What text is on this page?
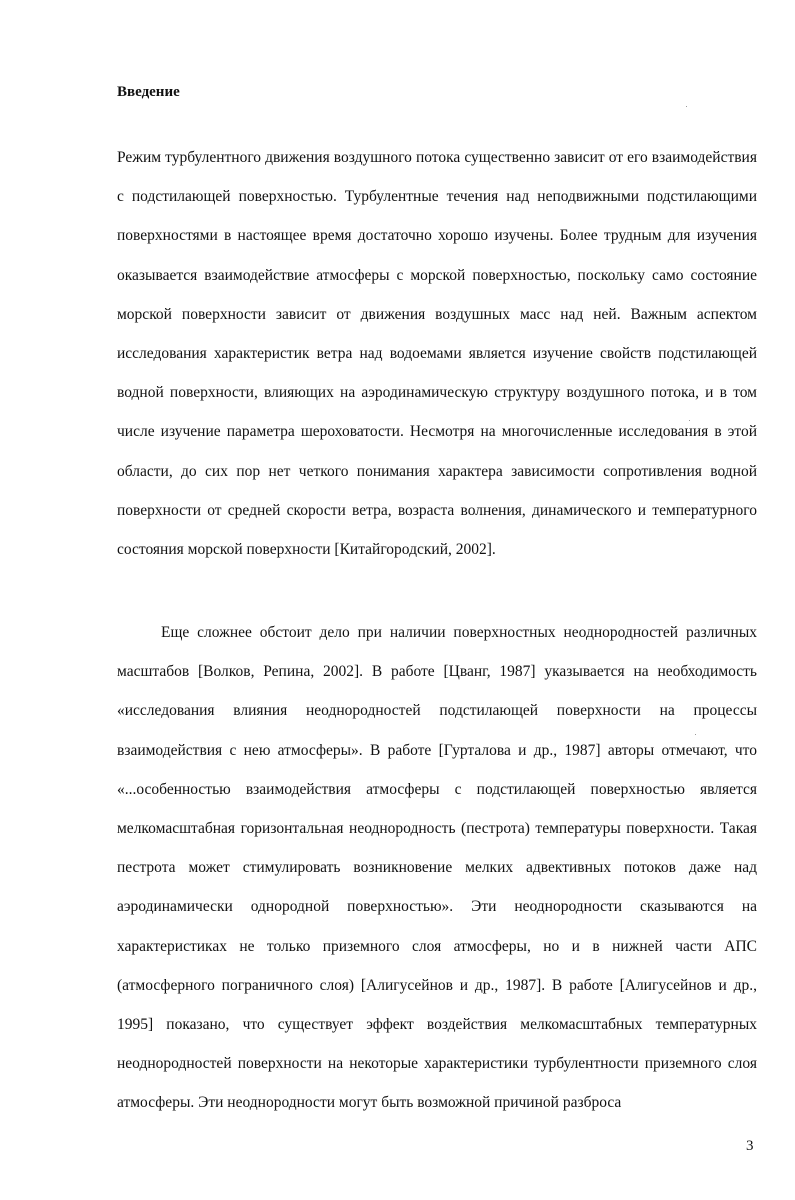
Введение

Режим турбулентного движения воздушного потока существенно зависит от его взаимодействия с подстилающей поверхностью. Турбулентные течения над неподвижными подстилающими поверхностями в настоящее время достаточно хорошо изучены. Более трудным для изучения оказывается взаимодействие атмосферы с морской поверхностью, поскольку само состояние морской поверхности зависит от движения воздушных масс над ней. Важным аспектом исследования характеристик ветра над водоемами является изучение свойств подстилающей водной поверхности, влияющих на аэродинамическую структуру воздушного потока, и в том числе изучение параметра шероховатости. Несмотря на многочисленные исследования в этой области, до сих пор нет четкого понимания характера зависимости сопротивления водной поверхности от средней скорости ветра, возраста волнения, динамического и температурного состояния морской поверхности [Китайгородский, 2002].

Еще сложнее обстоит дело при наличии поверхностных неоднородностей различных масштабов [Волков, Репина, 2002]. В работе [Цванг, 1987] указывается на необходимость «исследования влияния неоднородностей подстилающей поверхности на процессы взаимодействия с нею атмосферы». В работе [Гурталова и др., 1987] авторы отмечают, что «...особенностью взаимодействия атмосферы с подстилающей поверхностью является мелкомасштабная горизонтальная неоднородность (пестрота) температуры поверхности. Такая пестрота может стимулировать возникновение мелких адвективных потоков даже над аэродинамически однородной поверхностью». Эти неоднородности сказываются на характеристиках не только приземного слоя атмосферы, но и в нижней части АПС (атмосферного пограничного слоя) [Алигусейнов и др., 1987]. В работе [Алигусейнов и др., 1995] показано, что существует эффект воздействия мелкомасштабных температурных неоднородностей поверхности на некоторые характеристики турбулентности приземного слоя атмосферы. Эти неоднородности могут быть возможной причиной разброса

3
